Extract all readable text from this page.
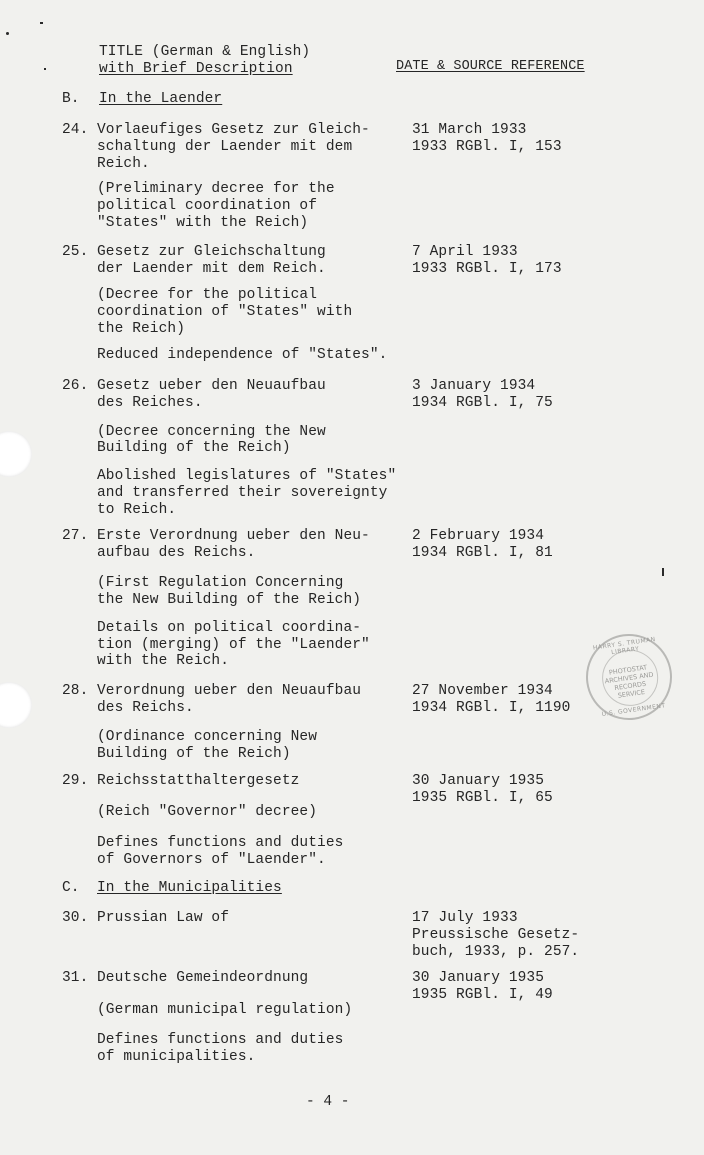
TITLE (German & English)
with Brief Description	DATE & SOURCE REFERENCE
B. In the Laender
24. Vorlaeufiges Gesetz zur Gleich-
schaltung der Laender mit dem
Reich.
(Preliminary decree for the
political coordination of
"States" with the Reich)
31 March 1933
1933 RGBl. I, 153
25. Gesetz zur Gleichschaltung
der Laender mit dem Reich.
(Decree for the political
coordination of "States" with
the Reich)
Reduced independence of "States".
7 April 1933
1933 RGBl. I, 173
26. Gesetz ueber den Neuaufbau
des Reiches.
(Decree concerning the New
Building of the Reich)
Abolished legislatures of "States"
and transferred their sovereignty
to Reich.
3 January 1934
1934 RGBl. I, 75
27. Erste Verordnung ueber den Neu-
aufbau des Reichs.
(First Regulation Concerning
the New Building of the Reich)
Details on political coordina-
tion (merging) of the "Laender"
with the Reich.
2 February 1934
1934 RGBl. I, 81
28. Verordnung ueber den Neuaufbau
des Reichs.
(Ordinance concerning New
Building of the Reich)
27 November 1934
1934 RGBl. I, 1190
29. Reichsstatthaltergesetz
(Reich "Governor" decree)
Defines functions and duties
of Governors of "Laender".
30 January 1935
1935 RGBl. I, 65
C. In the Municipalities
30. Prussian Law of	17 July 1933
Preussische Gesetz-
buch, 1933, p. 257.
31. Deutsche Gemeindeordnung
(German municipal regulation)
Defines functions and duties
of municipalities.
30 January 1935
1935 RGBl. I, 49
HARRY S. TRUMAN LIBRARY
PHOTOSTAT ARCHIVES AND RECORDS SERVICE
U.S. GOVERNMENT
- 4 -
